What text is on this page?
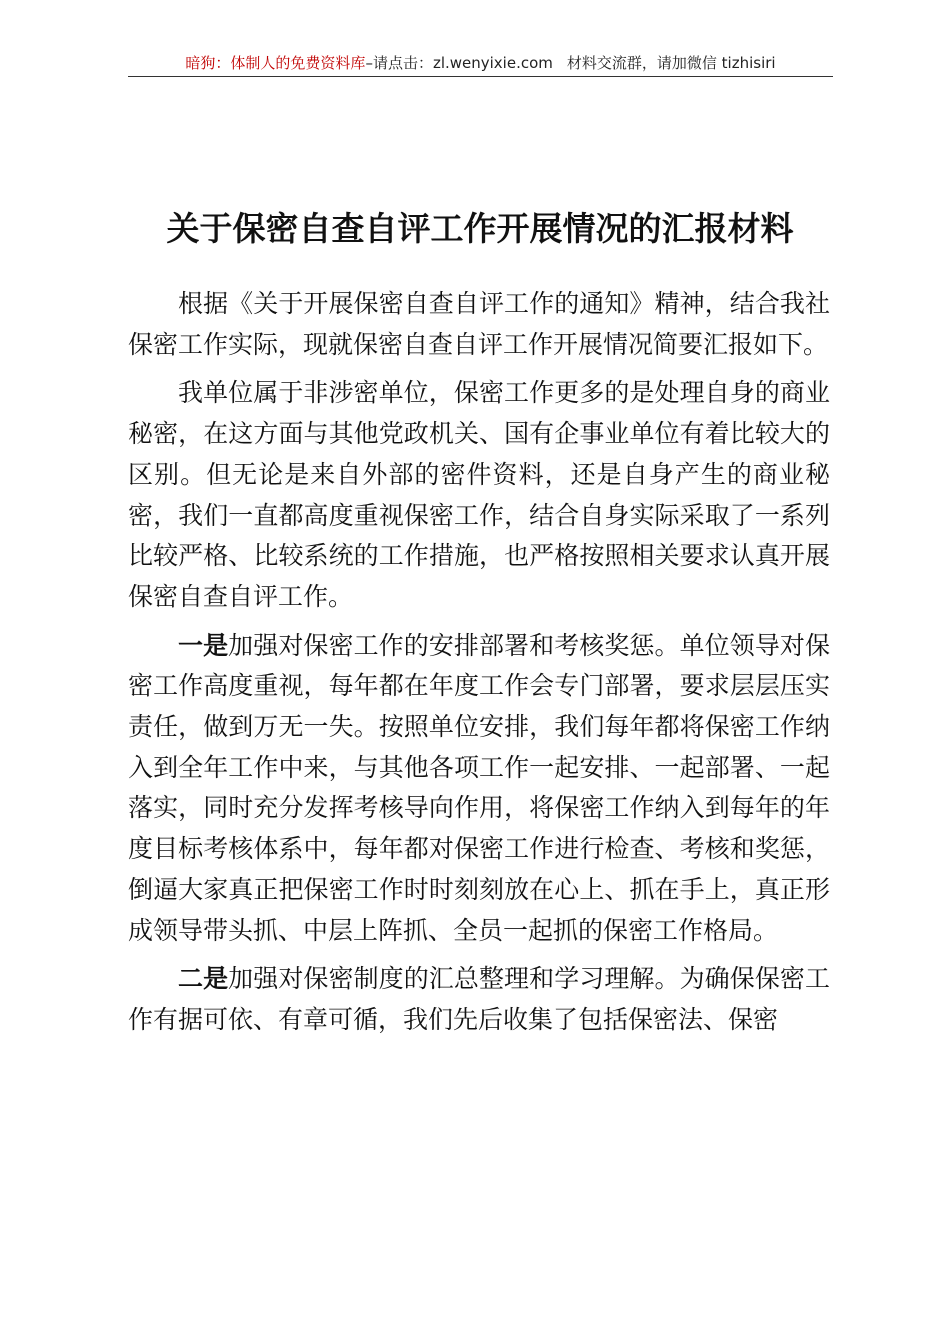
暗狗：体制人的免费资料库–请点击：zl.wenyixie.com 材料交流群，请加微信 tizhisiri
关于保密自查自评工作开展情况的汇报材料

根据《关于开展保密自查自评工作的通知》精神，结合我社保密工作实际，现就保密自查自评工作开展情况简要汇报如下。

我单位属于非涉密单位，保密工作更多的是处理自身的商业秘密，在这方面与其他党政机关、国有企事业单位有着比较大的区别。但无论是来自外部的密件资料，还是自身产生的商业秘密，我们一直都高度重视保密工作，结合自身实际采取了一系列比较严格、比较系统的工作措施，也严格按照相关要求认真开展保密自查自评工作。

一是加强对保密工作的安排部署和考核奖惩。单位领导对保密工作高度重视，每年都在年度工作会专门部署，要求层层压实责任，做到万无一失。按照单位安排，我们每年都将保密工作纳入到全年工作中来，与其他各项工作一起安排、一起部署、一起落实，同时充分发挥考核导向作用，将保密工作纳入到每年的年度目标考核体系中，每年都对保密工作进行检查、考核和奖惩，倒逼大家真正把保密工作时时刻刻放在心上、抓在手上，真正形成领导带头抓、中层上阵抓、全员一起抓的保密工作格局。

二是加强对保密制度的汇总整理和学习理解。为确保保密工作有据可依、有章可循，我们先后收集了包括保密法、保密
